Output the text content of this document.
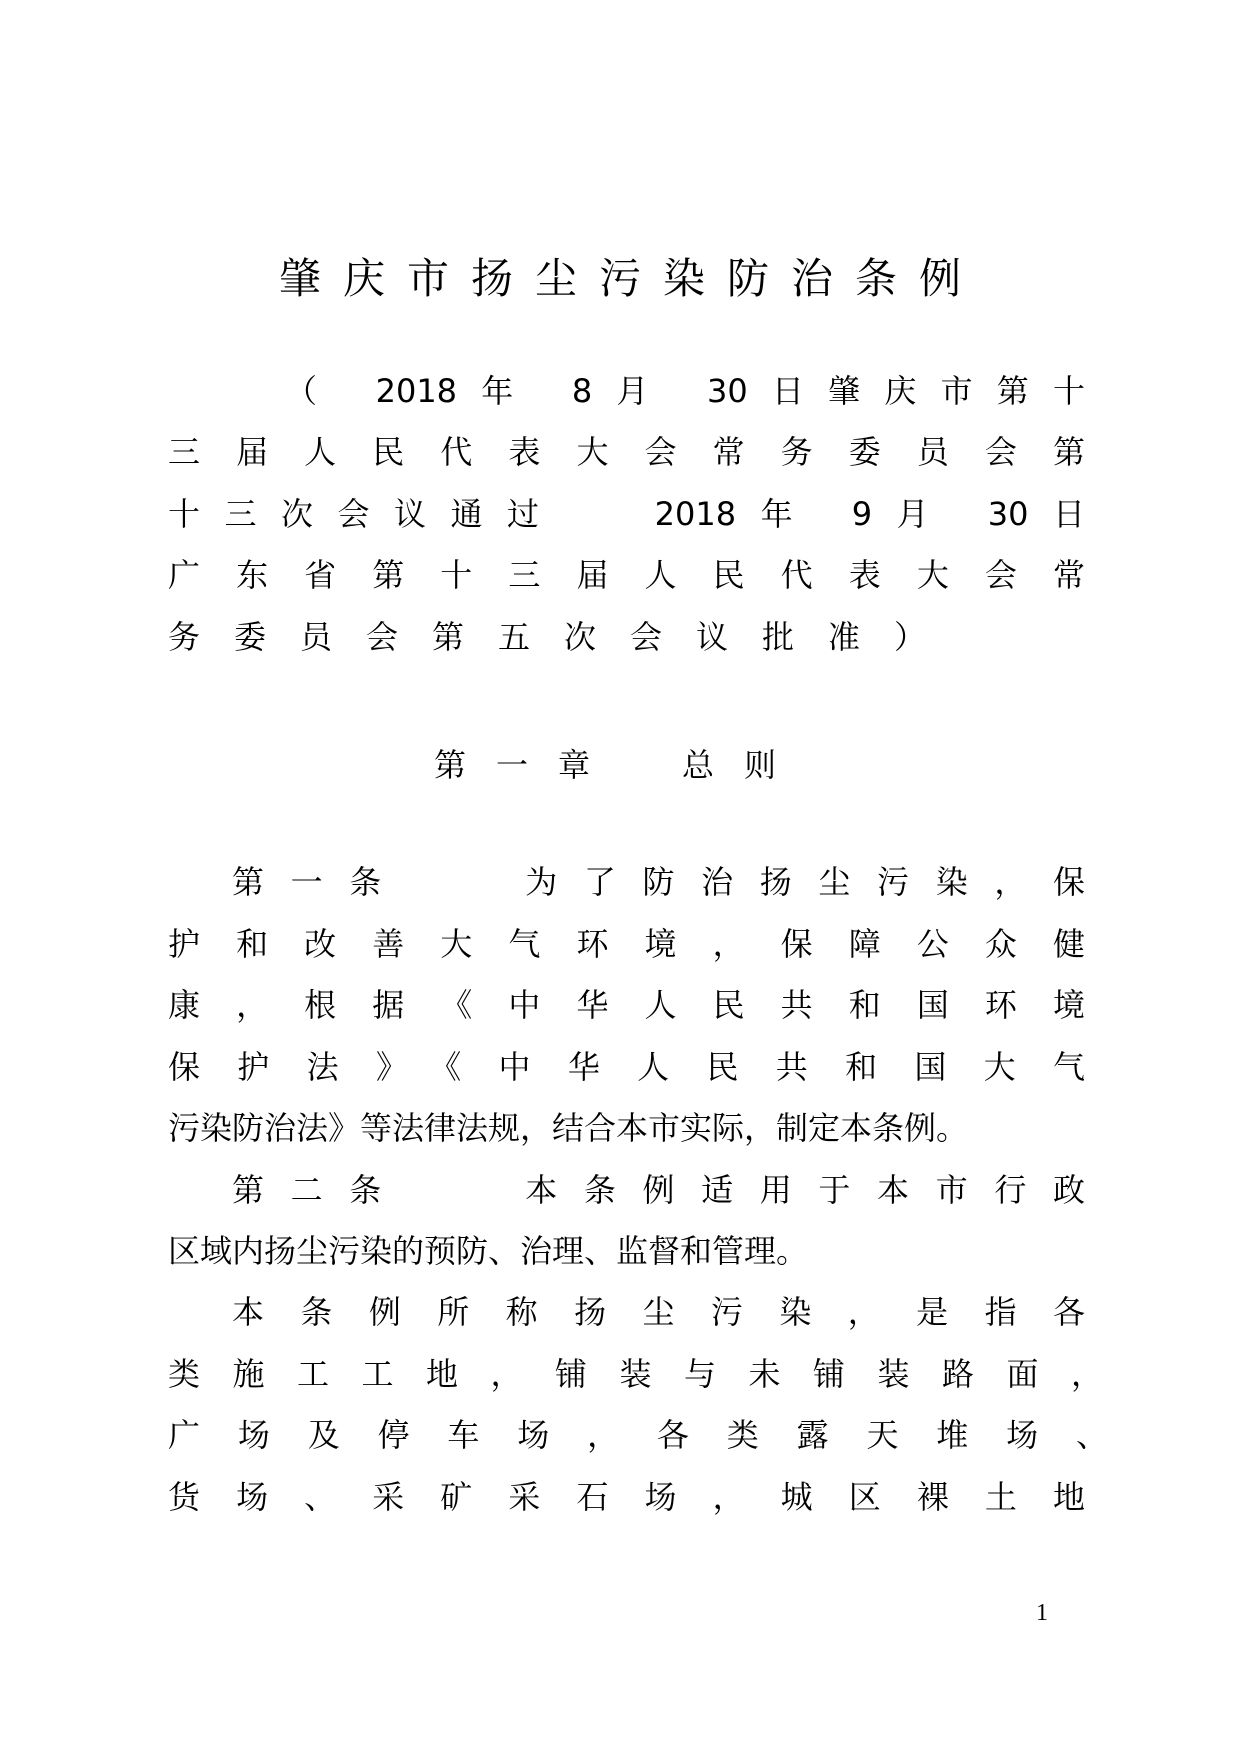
肇庆市扬尘污染防治条例
（ 2018年 8月 30日肇庆市第十
三届人民代表大会常务委员会第
十三次会议通过　 2018年 9月 30日
广东省第十三届人民代表大会常
务委员会第五次会议批准）
第一章　总则
第一条　　为了防治扬尘污染，保
护和改善大气环境，保障公众健
康，根据《中华人民共和国环境
保护法》《中华人民共和国大气
污染防治法》等法律法规，结合本市实际，制定本条例。
第二条　　本条例适用于本市行政
区域内扬尘污染的预防、治理、监督和管理。
本条例所称扬尘污染，是指各
类施工工地，铺装与未铺装路面，
广场及停车场，各类露天堆场、
货场、采矿采石场，城区裸土地
1
